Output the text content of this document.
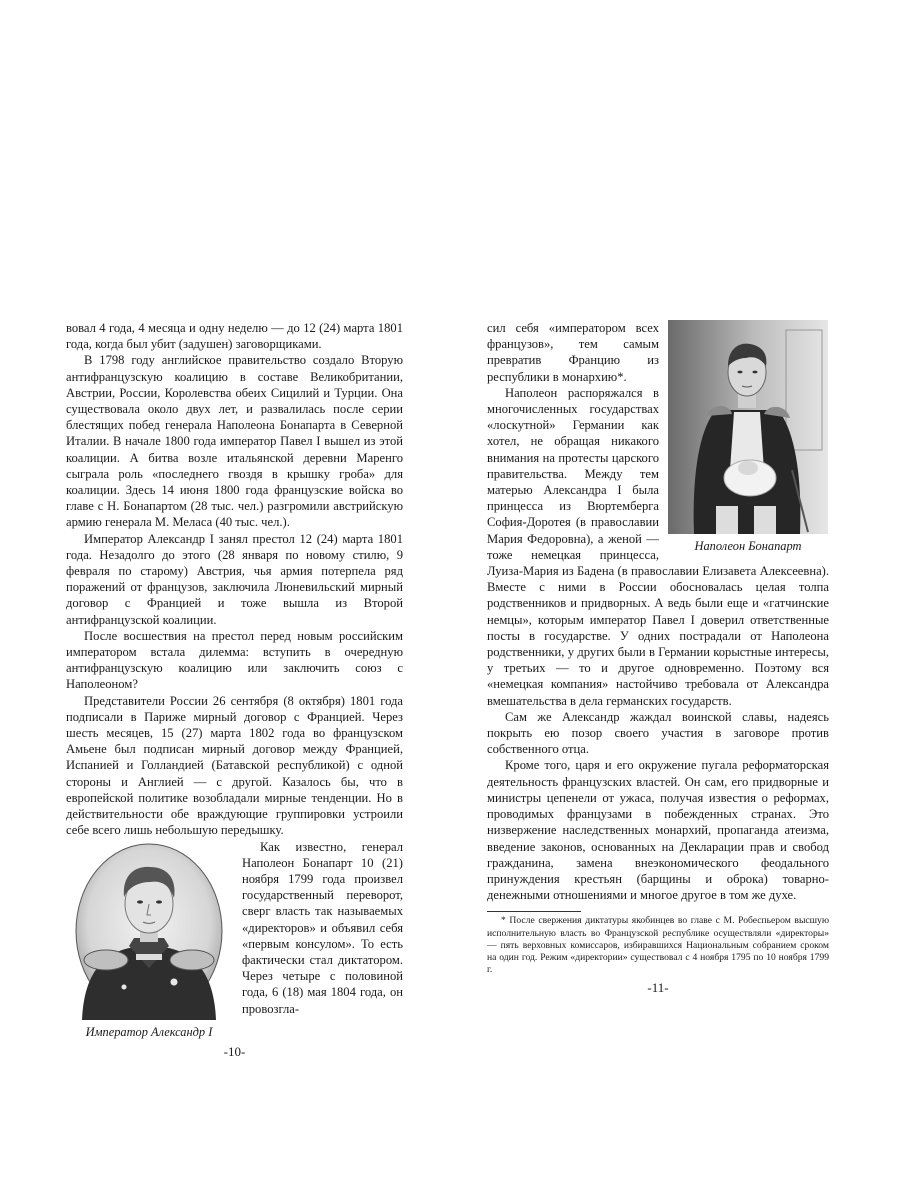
вовал 4 года, 4 месяца и одну неделю — до 12 (24) марта 1801 года, когда был убит (задушен) заговорщиками.

В 1798 году английское правительство создало Вторую антифранцузскую коалицию в составе Великобритании, Австрии, России, Королевства обеих Сицилий и Турции. Она существовала около двух лет, и развалилась после серии блестящих побед генерала Наполеона Бонапарта в Северной Италии. В начале 1800 года император Павел I вышел из этой коалиции. А битва возле итальянской деревни Маренго сыграла роль «последнего гвоздя в крышку гроба» для коалиции. Здесь 14 июня 1800 года французские войска во главе с Н. Бонапартом (28 тыс. чел.) разгромили австрийскую армию генерала М. Меласа (40 тыс. чел.).

Император Александр I занял престол 12 (24) марта 1801 года. Незадолго до этого (28 января по новому стилю, 9 февраля по старому) Австрия, чья армия потерпела ряд поражений от французов, заключила Люневильский мирный договор с Францией и тоже вышла из Второй антифранцузской коалиции.

После восшествия на престол перед новым российским императором встала дилемма: вступить в очередную антифранцузскую коалицию или заключить союз с Наполеоном?

Представители России 26 сентября (8 октября) 1801 года подписали в Париже мирный договор с Францией. Через шесть месяцев, 15 (27) марта 1802 года во французском Амьене был подписан мирный договор между Францией, Испанией и Голландией (Батавской республикой) с одной стороны и Англией — с другой. Казалось бы, что в европейской политике возобладали мирные тенденции. Но в действительности обе враждующие группировки устроили себе всего лишь небольшую передышку.

Император Александр I

Как известно, генерал Наполеон Бонапарт 10 (21) ноября 1799 года произвел государственный переворот, сверг власть так называемых «директоров» и объявил себя «первым консулом». То есть фактически стал диктатором. Через четыре с половиной года, 6 (18) мая 1804 года, он провозгла-

-10-
Наполеон Бонапарт

сил себя «императором всех французов», тем самым превратив Францию из республики в монархию*.

Наполеон распоряжался в многочисленных государствах «лоскутной» Германии как хотел, не обращая никакого внимания на протесты царского правительства. Между тем матерью Александра I была принцесса из Вюртемберга София-Доротея (в православии Мария Федоровна), а женой — тоже немецкая принцесса, Луиза-Мария из Бадена (в православии Елизавета Алексеевна). Вместе с ними в России обосновалась целая толпа родственников и придворных. А ведь были еще и «гатчинские немцы», которым император Павел I доверил ответственные посты в государстве. У одних пострадали от Наполеона родственники, у других были в Германии корыстные интересы, у третьих — то и другое одновременно. Поэтому вся «немецкая компания» настойчиво требовала от Александра вмешательства в дела германских государств.

Сам же Александр жаждал воинской славы, надеясь покрыть ею позор своего участия в заговоре против собственного отца.

Кроме того, царя и его окружение пугала реформаторская деятельность французских властей. Он сам, его придворные и министры цепенели от ужаса, получая известия о реформах, проводимых французами в побежденных странах. Это низвержение наследственных монархий, пропаганда атеизма, введение законов, основанных на Декларации прав и свобод гражданина, замена внеэкономического феодального принуждения крестьян (барщины и оброка) товарно-денежными отношениями и многое другое в том же духе.

* После свержения диктатуры якобинцев во главе с М. Робеспьером высшую исполнительную власть во Французской республике осуществляли «директоры» — пять верховных комиссаров, избиравшихся Национальным собранием сроком на один год. Режим «директории» существовал с 4 ноября 1795 по 10 ноября 1799 г.

-11-
